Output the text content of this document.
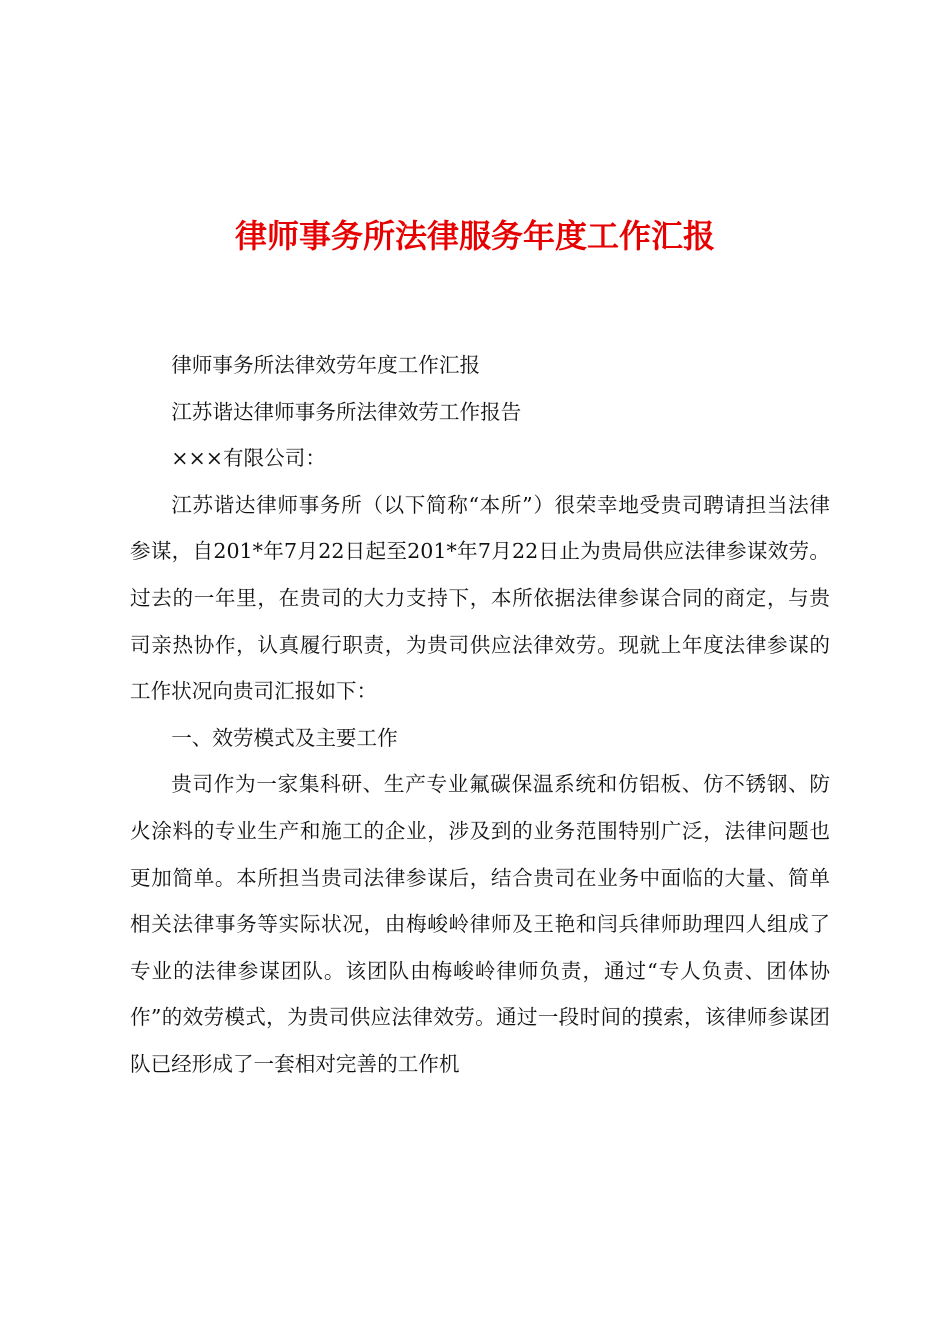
律师事务所法律服务年度工作汇报

律师事务所法律效劳年度工作汇报

江苏谐达律师事务所法律效劳工作报告

×××有限公司：

江苏谐达律师事务所（以下简称“本所”）很荣幸地受贵司聘请担当法律参谋，自201*年7月22日起至201*年7月22日止为贵局供应法律参谋效劳。过去的一年里，在贵司的大力支持下，本所依据法律参谋合同的商定，与贵司亲热协作，认真履行职责，为贵司供应法律效劳。现就上年度法律参谋的工作状况向贵司汇报如下：

一、效劳模式及主要工作

贵司作为一家集科研、生产专业氟碳保温系统和仿铝板、仿不锈钢、防火涂料的专业生产和施工的企业，涉及到的业务范围特别广泛，法律问题也更加简单。本所担当贵司法律参谋后，结合贵司在业务中面临的大量、简单相关法律事务等实际状况，由梅峻岭律师及王艳和闫兵律师助理四人组成了专业的法律参谋团队。该团队由梅峻岭律师负责，通过“专人负责、团体协作”的效劳模式，为贵司供应法律效劳。通过一段时间的摸索，该律师参谋团队已经形成了一套相对完善的工作机
